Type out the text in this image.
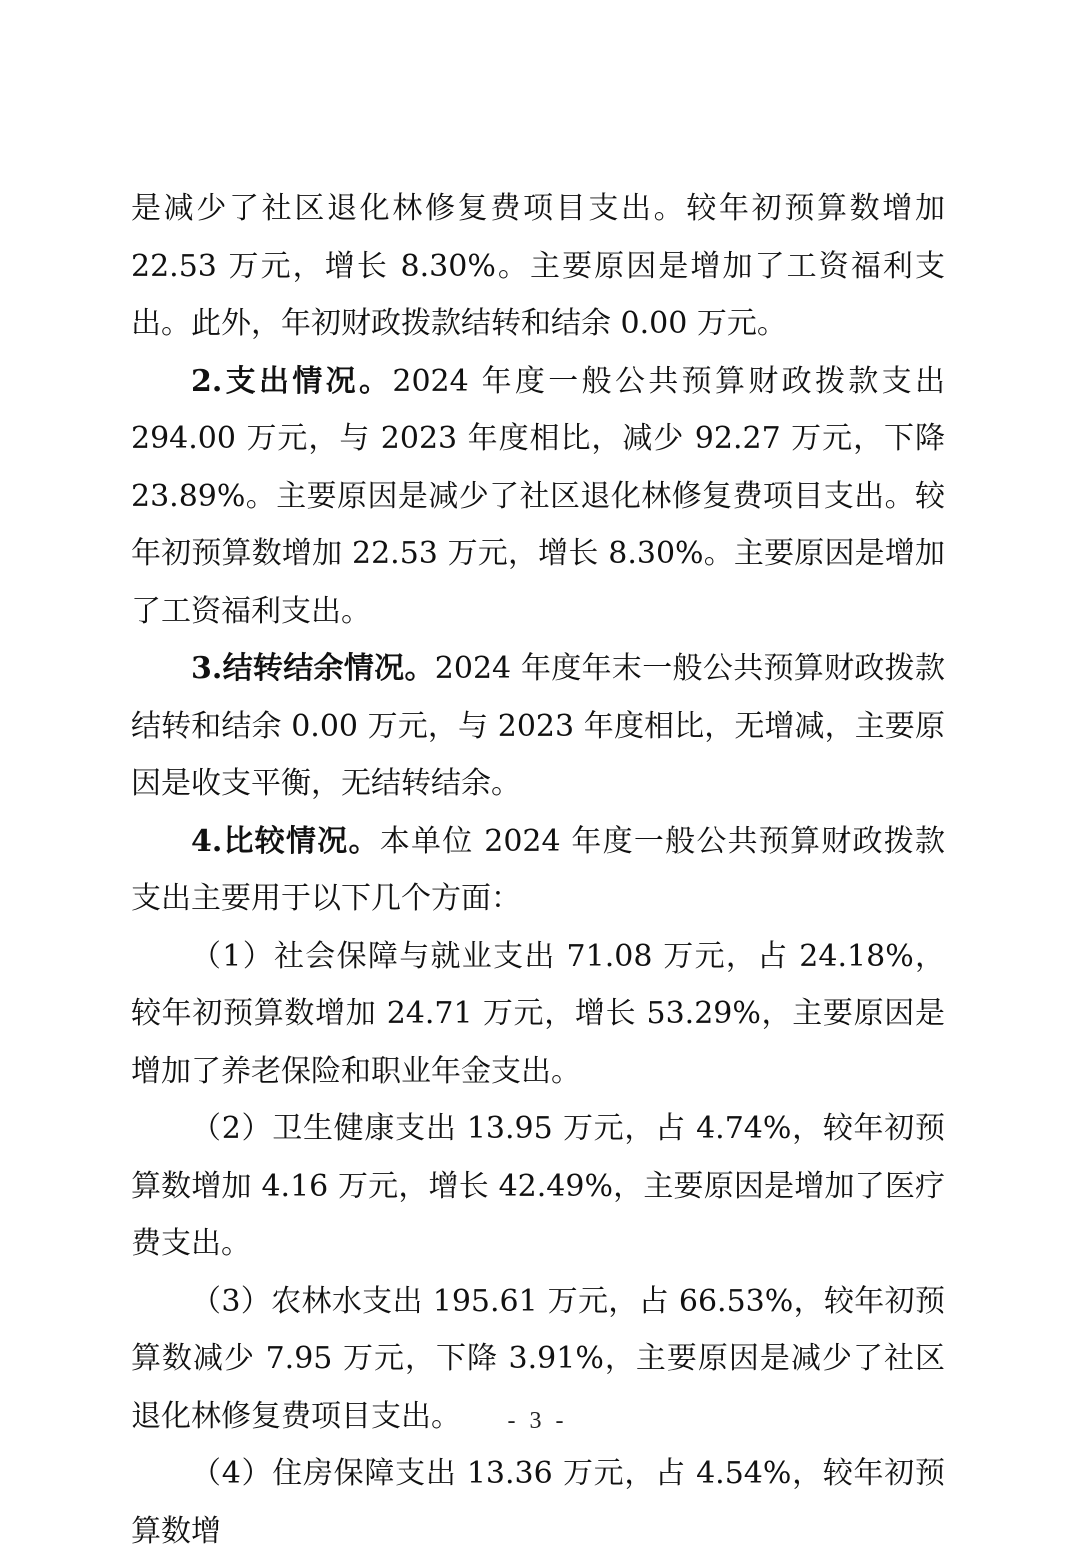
是减少了社区退化林修复费项目支出。较年初预算数增加 22.53 万元，增长 8.30%。主要原因是增加了工资福利支出。此外，年初财政拨款结转和结余 0.00 万元。

2.支出情况。2024 年度一般公共预算财政拨款支出 294.00 万元，与 2023 年度相比，减少 92.27 万元，下降 23.89%。主要原因是减少了社区退化林修复费项目支出。较年初预算数增加 22.53 万元，增长 8.30%。主要原因是增加了工资福利支出。

3.结转结余情况。2024 年度年末一般公共预算财政拨款结转和结余 0.00 万元，与 2023 年度相比，无增减，主要原因是收支平衡，无结转结余。

4.比较情况。本单位 2024 年度一般公共预算财政拨款支出主要用于以下几个方面：

（1）社会保障与就业支出 71.08 万元，占 24.18%，较年初预算数增加 24.71 万元，增长 53.29%，主要原因是增加了养老保险和职业年金支出。

（2）卫生健康支出 13.95 万元，占 4.74%，较年初预算数增加 4.16 万元，增长 42.49%，主要原因是增加了医疗费支出。

（3）农林水支出 195.61 万元，占 66.53%，较年初预算数减少 7.95 万元，下降 3.91%，主要原因是减少了社区退化林修复费项目支出。

（4）住房保障支出 13.36 万元，占 4.54%，较年初预算数增

- 3 -
